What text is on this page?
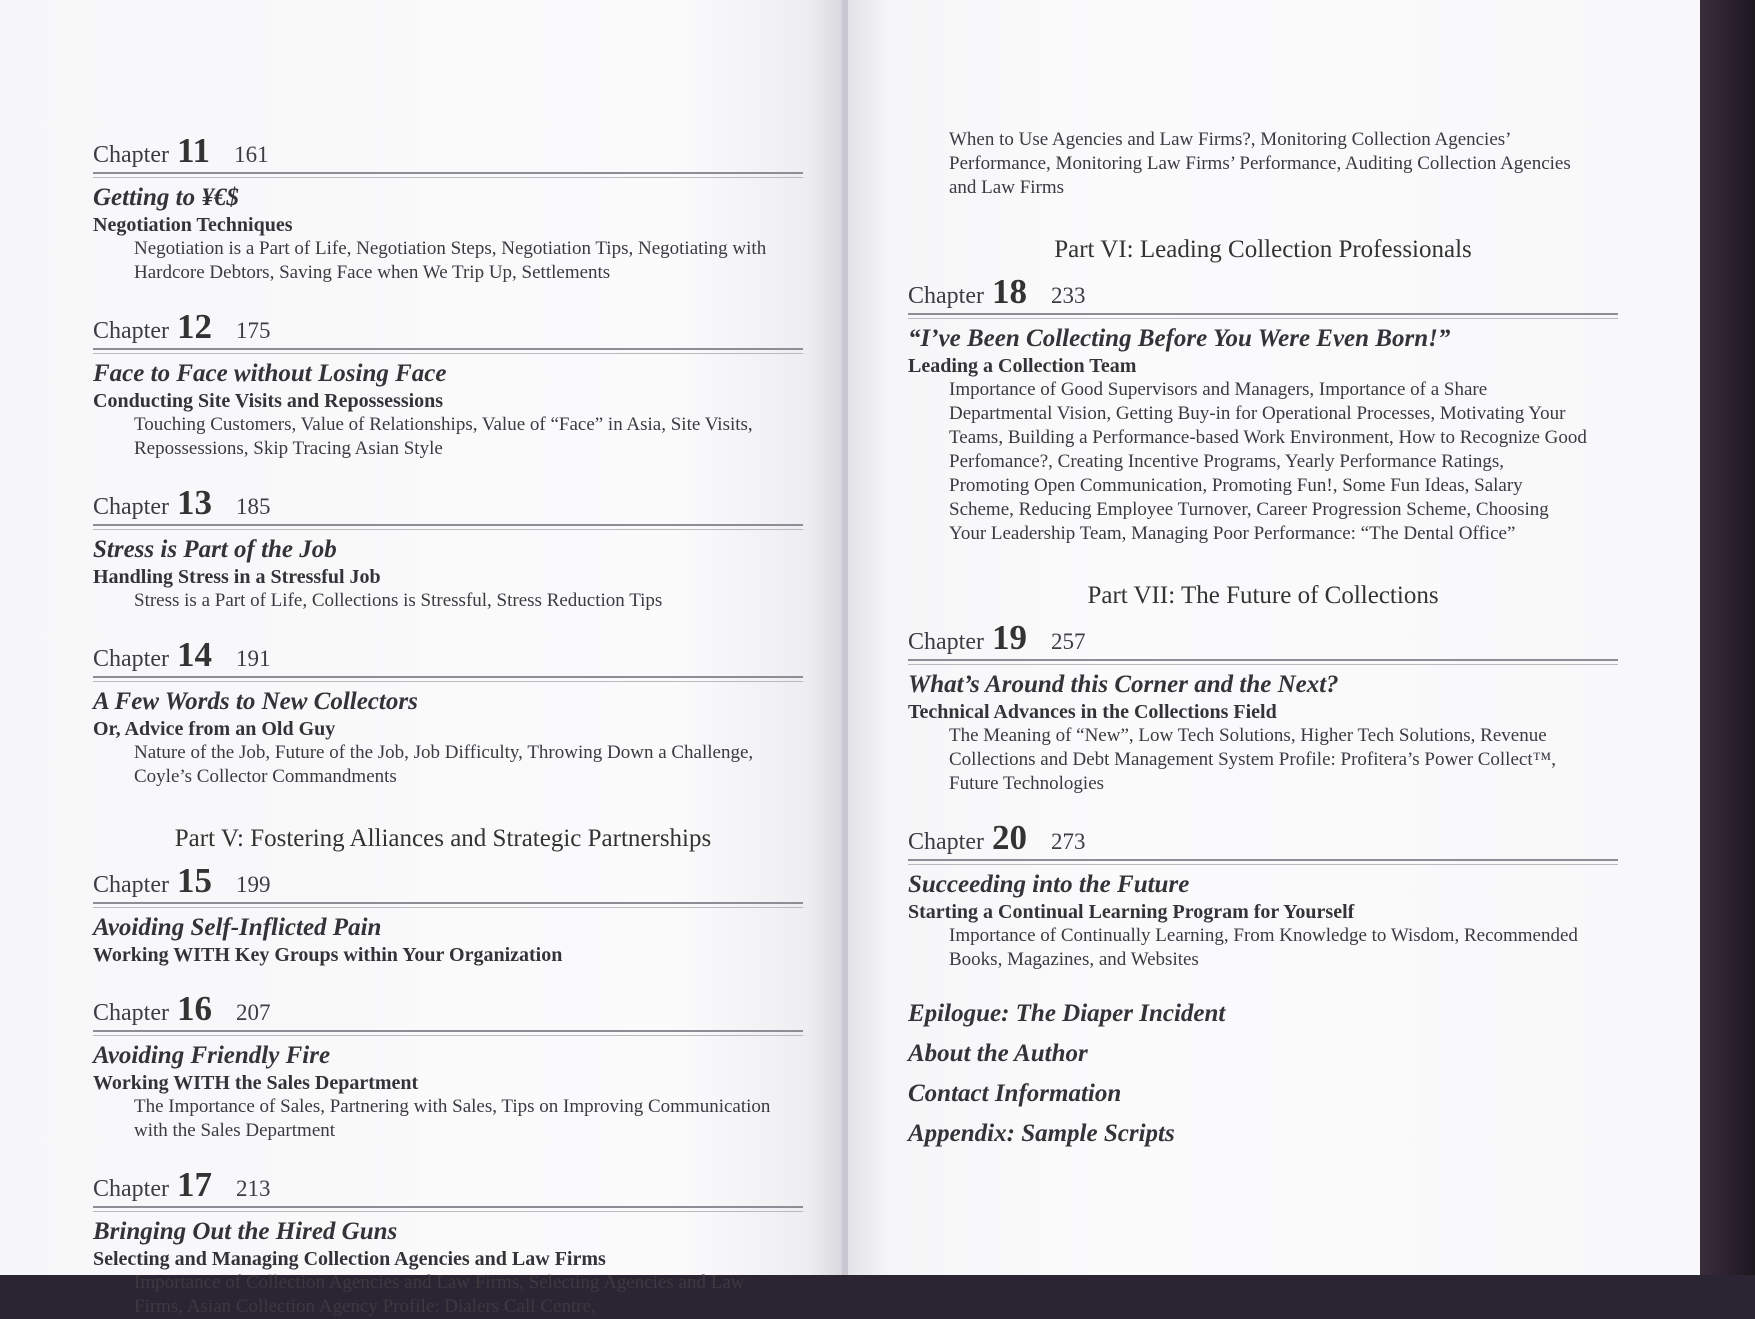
Chapter 11 161
Getting to ¥€$
Negotiation Techniques
Negotiation is a Part of Life, Negotiation Steps, Negotiation Tips, Negotiating with Hardcore Debtors, Saving Face when We Trip Up, Settlements
Chapter 12 175
Face to Face without Losing Face
Conducting Site Visits and Repossessions
Touching Customers, Value of Relationships, Value of “Face” in Asia, Site Visits, Repossessions, Skip Tracing Asian Style
Chapter 13 185
Stress is Part of the Job
Handling Stress in a Stressful Job
Stress is a Part of Life, Collections is Stressful, Stress Reduction Tips
Chapter 14 191
A Few Words to New Collectors
Or, Advice from an Old Guy
Nature of the Job, Future of the Job, Job Difficulty, Throwing Down a Challenge, Coyle’s Collector Commandments
Part V: Fostering Alliances and Strategic Partnerships
Chapter 15 199
Avoiding Self-Inflicted Pain
Working WITH Key Groups within Your Organization
Chapter 16 207
Avoiding Friendly Fire
Working WITH the Sales Department
The Importance of Sales, Partnering with Sales, Tips on Improving Communication with the Sales Department
Chapter 17 213
Bringing Out the Hired Guns
Selecting and Managing Collection Agencies and Law Firms
Importance of Collection Agencies and Law Firms, Selecting Agencies and Law Firms, Asian Collection Agency Profile: Dialers Call Centre,
When to Use Agencies and Law Firms?, Monitoring Collection Agencies’ Performance, Monitoring Law Firms’ Performance, Auditing Collection Agencies and Law Firms
Part VI: Leading Collection Professionals
Chapter 18 233
“I’ve Been Collecting Before You Were Even Born!”
Leading a Collection Team
Importance of Good Supervisors and Managers, Importance of a Share Departmental Vision, Getting Buy-in for Operational Processes, Motivating Your Teams, Building a Performance-based Work Environment, How to Recognize Good Perfomance?, Creating Incentive Programs, Yearly Performance Ratings, Promoting Open Communication, Promoting Fun!, Some Fun Ideas, Salary Scheme, Reducing Employee Turnover, Career Progression Scheme, Choosing Your Leadership Team, Managing Poor Performance: “The Dental Office”
Part VII: The Future of Collections
Chapter 19 257
What’s Around this Corner and the Next?
Technical Advances in the Collections Field
The Meaning of “New”, Low Tech Solutions, Higher Tech Solutions, Revenue Collections and Debt Management System Profile: Profitera’s Power Collect™, Future Technologies
Chapter 20 273
Succeeding into the Future
Starting a Continual Learning Program for Yourself
Importance of Continually Learning, From Knowledge to Wisdom, Recommended Books, Magazines, and Websites
Epilogue: The Diaper Incident
About the Author
Contact Information
Appendix: Sample Scripts
